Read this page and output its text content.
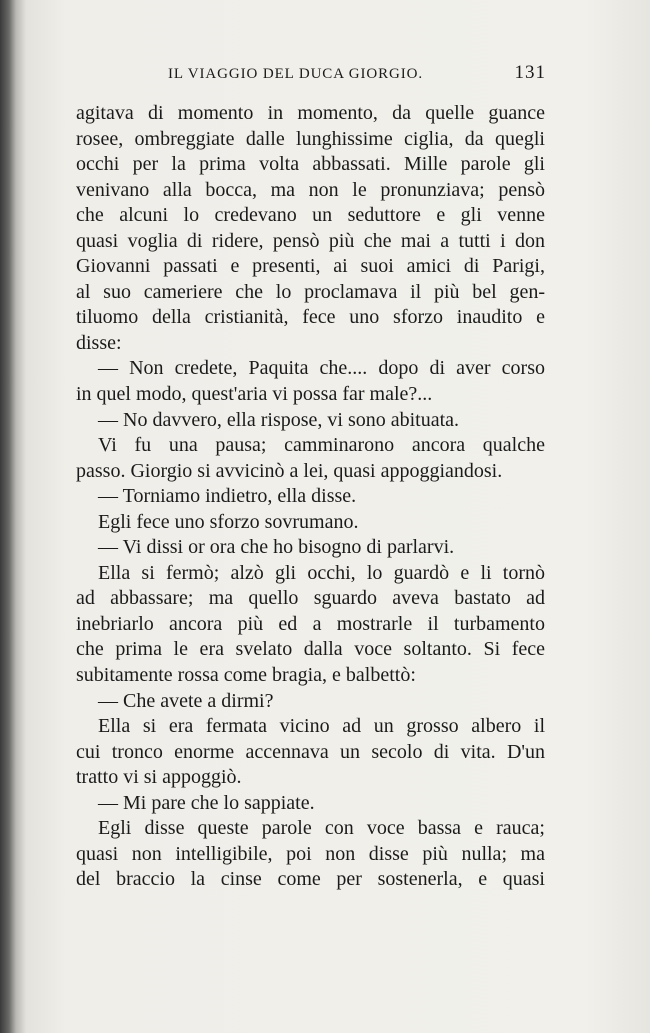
IL VIAGGIO DEL DUCA GIORGIO.	131
agitava di momento in momento, da quelle guance
rosee, ombreggiate dalle lunghissime ciglia, da quegli
occhi per la prima volta abbassati. Mille parole gli
venivano alla bocca, ma non le pronunziava; pensò
che alcuni lo credevano un seduttore e gli venne
quasi voglia di ridere, pensò più che mai a tutti i don
Giovanni passati e presenti, ai suoi amici di Parigi,
al suo cameriere che lo proclamava il più bel gen-
tiluomo della cristianità, fece uno sforzo inaudito e
disse:
— Non credete, Paquita che.... dopo di aver corso
in quel modo, quest'aria vi possa far male?...
— No davvero, ella rispose, vi sono abituata.
Vi fu una pausa; camminarono ancora qualche
passo. Giorgio si avvicinò a lei, quasi appoggiandosi.
— Torniamo indietro, ella disse.
Egli fece uno sforzo sovrumano.
— Vi dissi or ora che ho bisogno di parlarvi.
Ella si fermò; alzò gli occhi, lo guardò e li tornò
ad abbassare; ma quello sguardo aveva bastato ad
inebriarlo ancora più ed a mostrarle il turbamento
che prima le era svelato dalla voce soltanto. Si fece
subitamente rossa come bragia, e balbettò:
— Che avete a dirmi?
Ella si era fermata vicino ad un grosso albero il
cui tronco enorme accennava un secolo di vita. D'un
tratto vi si appoggiò.
— Mi pare che lo sappiate.
Egli disse queste parole con voce bassa e rauca;
quasi non intelligibile, poi non disse più nulla; ma
del braccio la cinse come per sostenerla, e quasi
